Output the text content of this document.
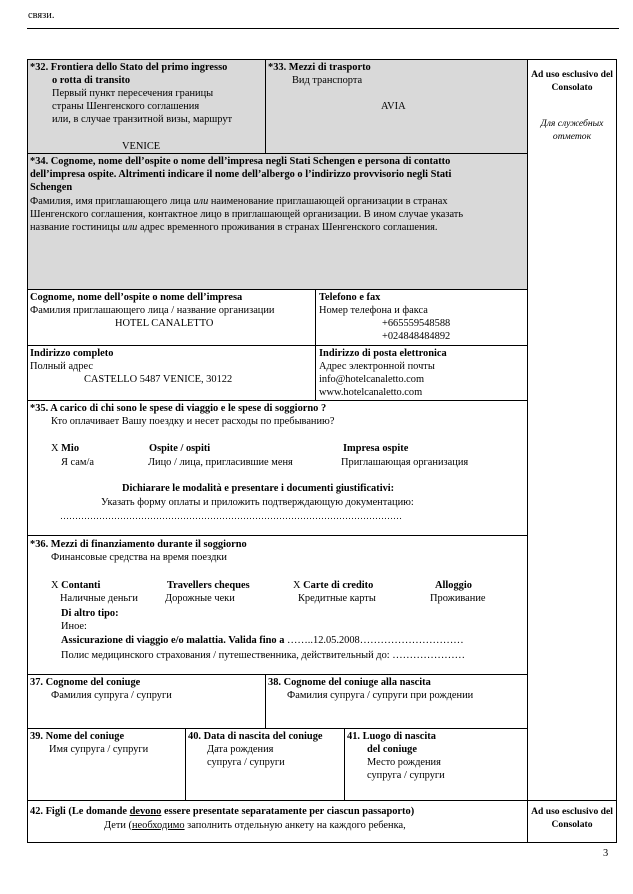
связи.
Ad uso esclusivo del Consolato
Для служебных отметок
Ad uso esclusivo del Consolato
*32. Frontiera dello Stato del primo ingresso
o rotta di transito
Первый пункт пересечения границы
страны Шенгенского соглашения
или, в случае транзитной визы, маршрут
VENICE
*33. Mezzi di trasporto
Вид транспорта
AVIA
*34. Cognome, nome dell’ospite o nome dell’impresa negli Stati Schengen e persona di contatto
dell’impresa ospite. Altrimenti indicare il nome dell’albergo o l’indirizzo provvisorio negli Stati
Schengen
Фамилия, имя приглашающего лица или наименование приглашающей организации в странах
Шенгенского соглашения, контактное лицо в приглашающей организации. В ином случае указать
название гостиницы или адрес временного проживания в странах Шенгенского соглашения.
Cognome, nome dell’ospite o nome dell’impresa
Фамилия приглашающего лица / название организации
HOTEL CANALETTO
Telefono e fax
Номер телефона и факса
+665559548588
+024848484892
Indirizzo completo
Полный адрес
CASTELLO 5487 VENICE, 30122
Indirizzo di posta elettronica
Адрес электронной почты
info@hotelcanaletto.com
www.hotelcanaletto.com
*35. A carico di chi sono le spese di viaggio e le spese di soggiorno ?
Кто оплачивает Вашу поездку и несет расходы по пребыванию?
X Mio
Я сам/а
Ospite / ospiti
Лицо / лица, пригласившие меня
Impresa ospite
Приглашающая организация
Dichiarare le modalità e presentare i documenti giustificativi:
Указать форму оплаты и приложить подтверждающую документацию:
……………………………………………………………………………………………………
*36. Mezzi di finanziamento durante il soggiorno
Финансовые средства на время поездки
X Contanti
Наличные деньги
Travellers cheques
Дорожные чеки
X Carte di credito
Кредитные карты
Alloggio
Проживание
Di altro tipo:
Иное:
Assicurazione di viaggio e/o malattia. Valida fino a ……..12.05.2008…………………………
Полис медицинского страхования / путешественника, действительный до: …………………
37. Cognome del coniuge
Фамилия супруга / супруги
38. Cognome del coniuge alla nascita
Фамилия супруга / супруги при рождении
39. Nome del coniuge
Имя супруга / супруги
40. Data di nascita del coniuge
Дата рождения
супруга / супруги
41. Luogo di nascita
del coniuge
Место рождения
супруга / супруги
42. Figli (Le domande devono essere presentate separatamente per ciascun passaporto)
Дети (необходимо заполнить отдельную анкету на каждого ребенка,
3
